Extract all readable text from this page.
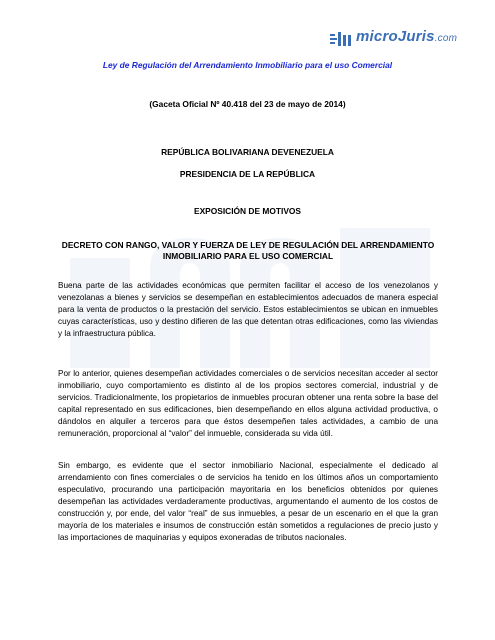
microJuris.com
Ley de Regulación del Arrendamiento Inmobiliario para el uso Comercial
(Gaceta Oficial Nº 40.418 del 23 de mayo de 2014)
REPÚBLICA BOLIVARIANA DEVENEZUELA
PRESIDENCIA DE LA REPÚBLICA
EXPOSICIÓN DE MOTIVOS
DECRETO CON RANGO, VALOR Y FUERZA DE LEY DE REGULACIÓN DEL ARRENDAMIENTO INMOBILIARIO PARA EL USO COMERCIAL

Buena parte de las actividades económicas que permiten facilitar el acceso de los venezolanos y venezolanas a bienes y servicios se desempeñan en establecimientos adecuados de manera especial para la venta de productos o la prestación del servicio. Estos establecimientos se ubican en inmuebles cuyas características, uso y destino difieren de las que detentan otras edificaciones, como las viviendas y la infraestructura pública.

Por lo anterior, quienes desempeñan actividades comerciales o de servicios necesitan acceder al sector inmobiliario, cuyo comportamiento es distinto al de los propios sectores comercial, industrial y de servicios. Tradicionalmente, los propietarios de inmuebles procuran obtener una renta sobre la base del capital representado en sus edificaciones, bien desempeñando en ellos alguna actividad productiva, o dándolos en alquiler a terceros para que éstos desempeñen tales actividades, a cambio de una remuneración, proporcional al “valor” del inmueble, considerada su vida útil.

Sin embargo, es evidente que el sector inmobiliario Nacional, especialmente el dedicado al arrendamiento con fines comerciales o de servicios ha tenido en los últimos años un comportamiento especulativo, procurando una participación mayoritaria en los beneficios obtenidos por quienes desempeñan las actividades verdaderamente productivas, argumentando el aumento de los costos de construcción y, por ende, del valor “real” de sus inmuebles, a pesar de un escenario en el que la gran mayoría de los materiales e insumos de construcción están sometidos a regulaciones de precio justo y las importaciones de maquinarias y equipos exoneradas de tributos nacionales.
